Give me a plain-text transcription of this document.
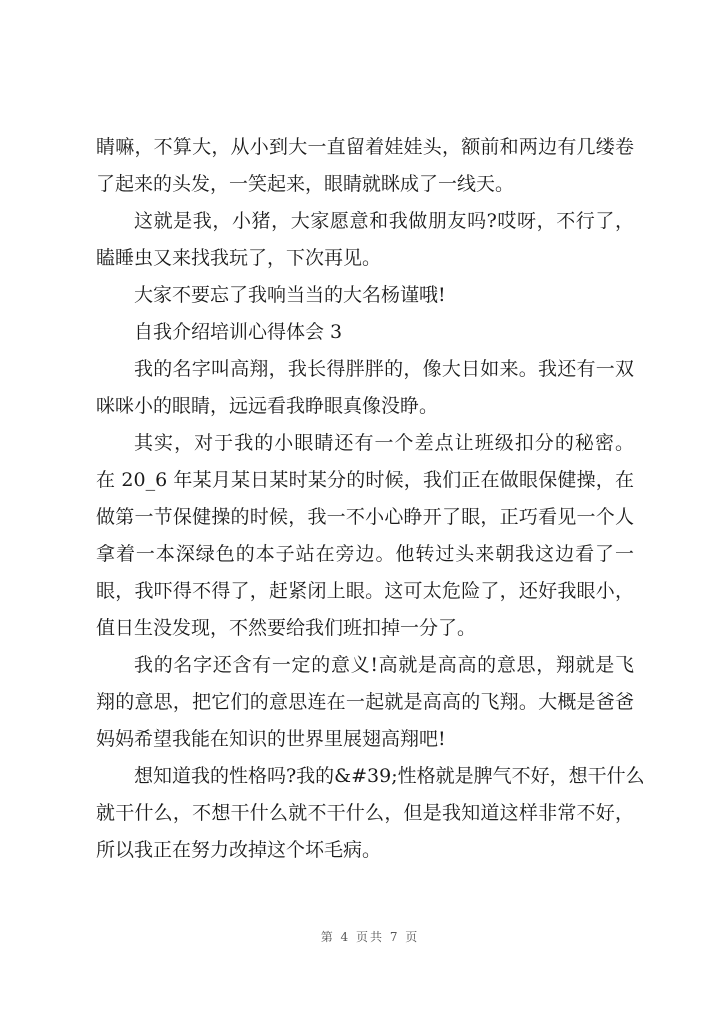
睛嘛，不算大，从小到大一直留着娃娃头，额前和两边有几缕卷
了起来的头发，一笑起来，眼睛就眯成了一线天。
这就是我，小猪，大家愿意和我做朋友吗?哎呀，不行了，
瞌睡虫又来找我玩了，下次再见。
大家不要忘了我响当当的大名杨谨哦!
自我介绍培训心得体会 3
我的名字叫高翔，我长得胖胖的，像大日如来。我还有一双
咪咪小的眼睛，远远看我睁眼真像没睁。
其实，对于我的小眼睛还有一个差点让班级扣分的秘密。
在 20_6 年某月某日某时某分的时候，我们正在做眼保健操，在
做第一节保健操的时候，我一不小心睁开了眼，正巧看见一个人
拿着一本深绿色的本子站在旁边。他转过头来朝我这边看了一
眼，我吓得不得了，赶紧闭上眼。这可太危险了，还好我眼小，
值日生没发现，不然要给我们班扣掉一分了。
我的名字还含有一定的意义!高就是高高的意思，翔就是飞
翔的意思，把它们的意思连在一起就是高高的飞翔。大概是爸爸
妈妈希望我能在知识的世界里展翅高翔吧!
想知道我的性格吗?我的&#39;性格就是脾气不好，想干什么
就干什么，不想干什么就不干什么，但是我知道这样非常不好，
所以我正在努力改掉这个坏毛病。
第 4 页共 7 页
